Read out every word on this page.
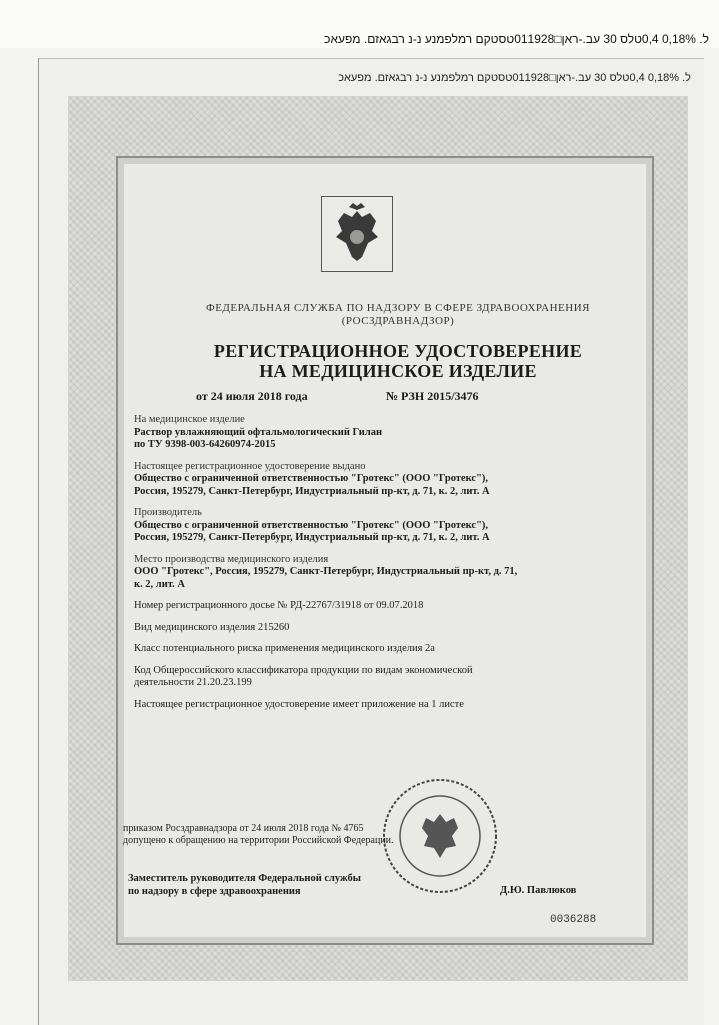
ל. 0,18% 0,4טלס ‎30‎ עב.-ראן□011928טסטקם רמלפמנע נ-נ רבגאזם. מפעאכ
ל. 0,18% 0,4טלס ‎30‎ עב.-ראן□011928טסטקם רמלפמנע נ-נ רבגאזם. מפעאכ
ФЕДЕРАЛЬНАЯ СЛУЖБА ПО НАДЗОРУ В СФЕРЕ ЗДРАВООХРАНЕНИЯ
(РОСЗДРАВНАДЗОР)
РЕГИСТРАЦИОННОЕ УДОСТОВЕРЕНИЕ
НА МЕДИЦИНСКОЕ ИЗДЕЛИЕ
от 24 июля 2018 года	№ РЗН 2015/3476
На медицинское изделие
Раствор увлажняющий офтальмологический Гилан
по ТУ 9398-003-64260974-2015
Настоящее регистрационное удостоверение выдано
Общество с ограниченной ответственностью "Гротекс" (ООО "Гротекс"),
Россия, 195279, Санкт-Петербург, Индустриальный пр-кт, д. 71, к. 2, лит. А
Производитель
Общество с ограниченной ответственностью "Гротекс" (ООО "Гротекс"),
Россия, 195279, Санкт-Петербург, Индустриальный пр-кт, д. 71, к. 2, лит. А
Место производства медицинского изделия
ООО "Гротекс", Россия, 195279, Санкт-Петербург, Индустриальный пр-кт, д. 71,
к. 2, лит. А
Номер регистрационного досье № РД-22767/31918 от 09.07.2018
Вид медицинского изделия 215260
Класс потенциального риска применения медицинского изделия 2а
Код Общероссийского классификатора продукции по видам экономической
деятельности 21.20.23.199
Настоящее регистрационное удостоверение имеет приложение на 1 листе
приказом Росздравнадзора от 24 июля 2018 года № 4765
допущено к обращению на территории Российской Федерации.
Заместитель руководителя Федеральной службы
по надзору в сфере здравоохранения	Д.Ю. Павлюков
0036288
